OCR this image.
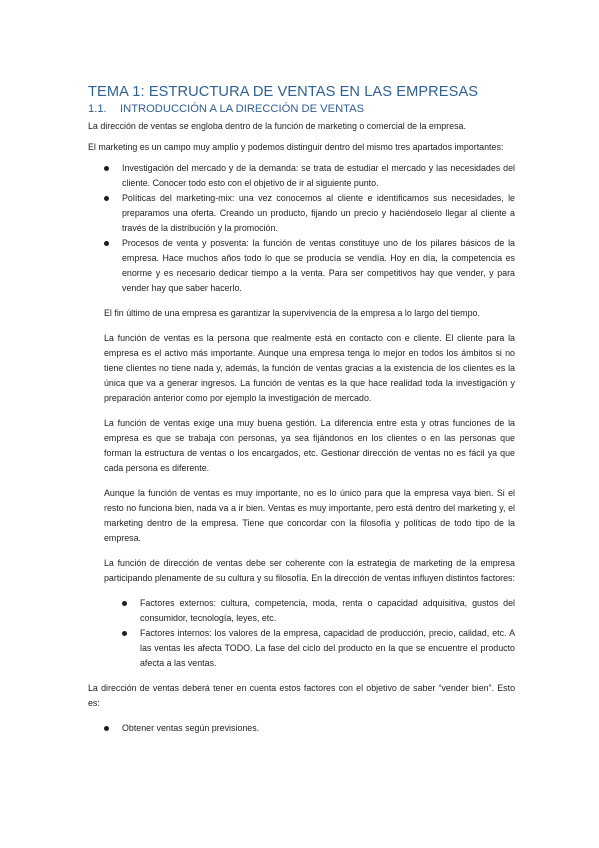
TEMA 1: ESTRUCTURA DE VENTAS EN LAS EMPRESAS
1.1.	INTRODUCCIÓN A LA DIRECCIÓN DE VENTAS

La dirección de ventas se engloba dentro de la función de marketing o comercial de la empresa.

El marketing es un campo muy amplio y podemos distinguir dentro del mismo tres apartados importantes:

Investigación del mercado y de la demanda: se trata de estudiar el mercado y las necesidades del cliente. Conocer todo esto con el objetivo de ir al siguiente punto.
Políticas del marketing-mix: una vez conocemos al cliente e identificamos sus necesidades, le preparamos una oferta. Creando un producto, fijando un precio y haciéndoselo llegar al cliente a través de la distribución y la promoción.
Procesos de venta y posventa: la función de ventas constituye uno de los pilares básicos de la empresa. Hace muchos años todo lo que se producía se vendía. Hoy en día, la competencia es enorme y es necesario dedicar tiempo a la venta. Para ser competitivos hay que vender, y para vender hay que saber hacerlo.

El fin último de una empresa es garantizar la supervivencia de la empresa a lo largo del tiempo.

La función de ventas es la persona que realmente está en contacto con e cliente. El cliente para la empresa es el activo más importante. Aunque una empresa tenga lo mejor en todos los ámbitos si no tiene clientes no tiene nada y, además, la función de ventas gracias a la existencia de los clientes es la única que va a generar ingresos. La función de ventas es la que hace realidad toda la investigación y preparación anterior como por ejemplo la investigación de mercado.

La función de ventas exige una muy buena gestión. La diferencia entre esta y otras funciones de la empresa es que se trabaja con personas, ya sea fijándonos en los clientes o en las personas que forman la estructura de ventas o los encargados, etc. Gestionar dirección de ventas no es fácil ya que cada persona es diferente.

Aunque la función de ventas es muy importante, no es lo único para que la empresa vaya bien. Si el resto no funciona bien, nada va a ir bien. Ventas es muy importante, pero está dentro del marketing y, el marketing dentro de la empresa. Tiene que concordar con la filosofía y políticas de todo tipo de la empresa.

La función de dirección de ventas debe ser coherente con la estrategia de marketing de la empresa participando plenamente de su cultura y su filosofía. En la dirección de ventas influyen distintos factores:

Factores externos: cultura, competencia, moda, renta o capacidad adquisitiva, gustos del consumidor, tecnología, leyes, etc.
Factores internos: los valores de la empresa, capacidad de producción, precio, calidad, etc. A las ventas les afecta TODO. La fase del ciclo del producto en la que se encuentre el producto afecta a las ventas.

La dirección de ventas deberá tener en cuenta estos factores con el objetivo de saber “vender bien”. Esto es:

Obtener ventas según previsiones.
